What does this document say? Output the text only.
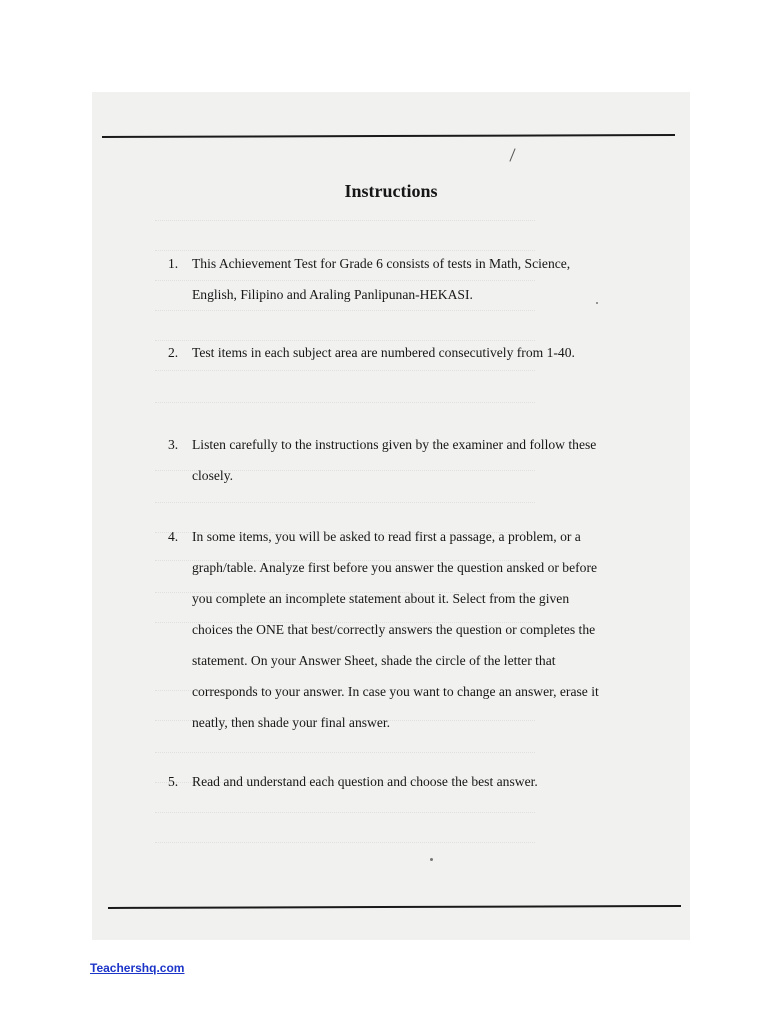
Instructions
1.	This Achievement Test for Grade 6 consists of tests in Math, Science, English, Filipino and Araling Panlipunan-HEKASI.
2.	Test items in each subject area are numbered consecutively from 1-40.
3.	Listen carefully to the instructions given by the examiner and follow these closely.
4.	In some items, you will be asked to read first a passage, a problem, or a graph/table. Analyze first before you answer the question ansked or before you complete an incomplete statement about it. Select from the given choices the ONE that best/correctly answers the question or completes the statement. On your Answer Sheet, shade the circle of the letter that corresponds to your answer. In case you want to change an answer, erase it neatly, then shade your final answer.
5.	Read and understand each question and choose the best answer.
Teachershq.com
